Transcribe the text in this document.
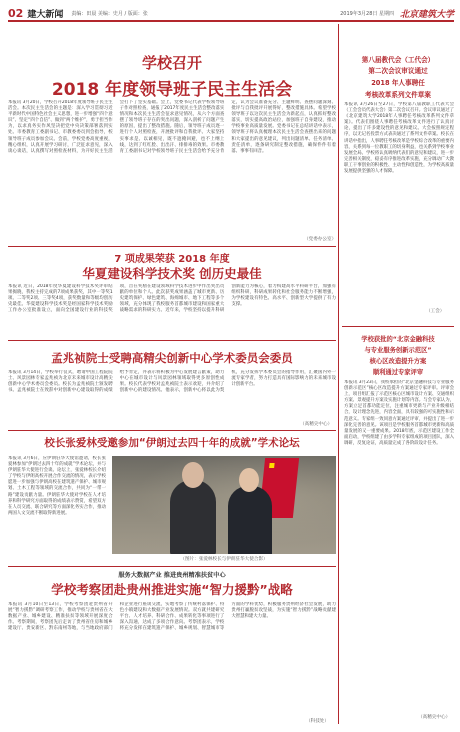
02 建大新闻 责编：田晨 美编：史月 / 版面：张	2019年3月28日 星期四 北京建筑大学
学校召开
2018 年度领导班子民主生活会
本报讯 3月20日，学校召开2018年度领导班子民主生活会。本次民主生活会的主题是：深入学习贯彻习近平新时代中国特色社会主义思想，进一步增强“四个意识”、坚定“四个自信”、做到“两个维护”，勇于担当作为，以求真务实作风坚决把党中央决策部署落到实处。市委教育工委副书记、市教委委员到会指导，校领导班子成员参加会议。会前，学校党委高度重视，精心组织，认真开展学习研讨，广泛征求意见，深入谈心谈话，认真撰写对照检查材料，为开好民主生活会打下了坚实基础。会上，党委书记代表学校领导班子作对照检查，通报了2017年度民主生活会整改落实情况和本次民主生活会征求意见情况，从六个方面查摆了领导班子存在的突出问题，深入剖析了问题产生的原因，提出了整改措施。随后，领导班子成员逐一进行个人对照检查，开展批评和自我批评。大家坚持实事求是、以诚相见，既不遮掩回避，也不上纲上线，达到了红红脸、出出汗、排排毒的效果。市委教育工委副书记对学校领导班子民主生活会给予充分肯定，认为会议准备充分、主题鲜明、查摆问题深刻、批评与自我批评开展得好，整改措施具体。希望学校领导班子以这次民主生活会为新起点，认真抓好整改落实，切实提高政治站位，加强班子自身建设，推动学校事业高质量发展。党委书记在总结讲话中表示，领导班子将认真梳理本次民主生活会查摆出来的问题和大家提出的意见建议，列出问题清单、任务清单、责任清单，逐条研究制定整改措施，确保件件有着落、事事有回音。
（党委办公室）
7 项成果荣获 2018 年度
华夏建设科学技术奖 创历史最佳
本报讯 近日，2018年度华夏建设科学技术奖评审结果揭晓，我校主持完成的7项成果获奖，其中一等奖1项、二等奖2项、三等奖4项，获奖数量和等级均创历史最佳。华夏建设科学技术奖是经国家科学技术奖励工作办公室批准设立，面向全国建设行业的科技奖项，旨在奖励在建设领域科学技术进步中作出突出贡献的单位和个人。此次获奖成果涵盖了城市更新、历史建筑保护、绿色建筑、海绵城市、地下工程等多个领域，充分体现了我校服务首都城市建设和国家重大战略需求的科研实力。近年来，学校坚持以提升科研创新能力为核心，着力构建高水平科研平台，加强有组织科研，科研成果转化和社会服务能力不断增强，为学校建设有特色、高水平、创新型大学提供了有力支撑。
孟兆祯院士受聘高精尖创新中心学术委员会委员
本报讯 3月14日，学校举行仪式，聘请中国工程院院士、风景园林专家孟兆祯为北京未来城市设计高精尖创新中心学术委员会委员。校长为孟兆祯院士颁发聘书。孟兆祯院士在致辞中对创新中心建设取得的成绩给予肯定，并表示将积极为中心发展建言献策，助力中心在城市设计与风景园林领域取得更多原创性成果。校长代表学校对孟兆祯院士表示欢迎，并介绍了创新中心的建设情况。他表示，创新中心将以此为契机，充分发挥学术委员会的指导作用，汇聚国内外一流专家学者，努力打造具有国际影响力的未来城市设计创新平台。
（高精尖中心）
校长张爱林受邀参加“伊朗过去四十年的成就”学术论坛
本报讯 3月6日，应伊朗驻华大使馆邀请，校长张爱林参加“伊朗过去四十年的成就”学术论坛，并与伊朗驻华大使进行会谈。论坛上，张爱林校长介绍了学校与伊朗高校开展合作交流的情况，表示学校愿进一步加强与伊朗高校在建筑遗产保护、城市规划、土木工程等领域的交流合作，共同为“一带一路”建设贡献力量。伊朗驻华大使对学校在人才培养和科学研究方面取得的成绩表示赞赏，希望双方在人员交流、联合研究等方面深化务实合作，推动两国人文交流不断取得新进展。
（图片：张爱林校长与伊朗驻华大使合影）
服务大数据产业 推进贵州精准扶贫中心
学校考察团赴贵州推进实施“智力援黔”战略
本报讯 3月10日至13日，学校考察团赴贵州省开展“智力援黔”调研考察工作，推动学校与贵州省在大数据产业、城乡建设、精准扶贫等领域开展深度合作。考察期间，考察团先后走访了贵州省住房和城乡建设厅、贵安新区、黔东南州等地，与当地政府部门和企业进行座谈交流，实地考察了传统村落保护、特色小镇建设和大数据产业发展情况。双方就共建研究平台、人才培养、科研合作、成果转化等事项进行了深入沟通，达成了多项合作意向。考察团表示，学校将充分发挥在建筑遗产保护、城乡规划、智慧城市等方面的学科优势，积极服务贵州经济社会发展，助力贵州打赢脱贫攻坚战，为实施“智力援黔”战略贡献建大智慧和建大力量。
（科技处）
第八届教代会（工代会）
第二次会议审议通过
2018 年人事聘任
考核改革系列文件草案
本报讯 3月26日至27日，学校第八届教职工代表大会（工会会员代表大会）第二次会议召开。会议审议通过了《北京建筑大学2018年人事聘任考核改革系列文件草案》。代表们围绕人事聘任考核改革文件进行了认真讨论，提出了许多建设性的意见和建议。大会按照规定程序，以无记名投票方式表决通过了系列文件草案。校长在讲话中指出，人事聘任考核改革是学校综合改革的重要内容，关系到每一位教职工的切身利益，也关系到学校事业发展全局。学校将认真吸纳代表们的意见和建议，进一步完善相关制度，稳妥有序推进改革实施，充分调动广大教职工干事创业的积极性、主动性和创造性，为学校高质量发展提供坚强的人才保障。
（工会）
学校获批的“北京金融科技
与专业服务创新示范区”
核心区改造提升方案
顺利通过专家评审
本报讯 3月23日，我校承担的“北京金融科技与专业服务创新示范区”核心区改造提升方案通过专家评审。评审会上，项目组汇报了示范区核心区城市设计方案、交通组织方案、景观提升方案及实施计划等内容。与会专家认为，方案立足首都功能定位，注重城市更新与产业升级相结合，设计理念先进，内容全面，具有较强的可实施性和示范意义。专家组一致同意方案通过评审，并提出了进一步深化完善的意见。该项目是学校服务首都城市更新和高质量发展的又一重要成果。2018年底，示范区建设工作全面启动，学校组建了由多学科专家组成的项目团队，深入调研，反复论证，高质量完成了各阶段设计任务。
（高精尖中心）
